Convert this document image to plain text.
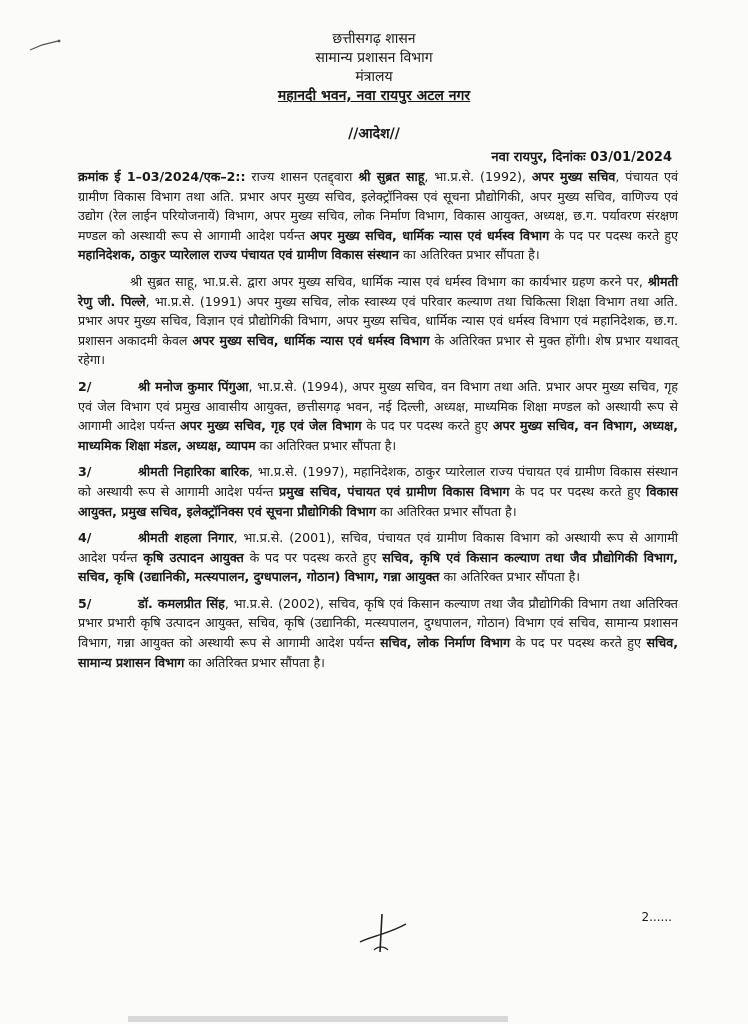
छत्तीसगढ़ शासन
सामान्य प्रशासन विभाग
मंत्रालय
महानदी भवन, नवा रायपुर अटल नगर
//आदेश//
नवा रायपुर, दिनांकः 03/01/2024

क्रमांक ई 1–03/2024/एक–2:: राज्य शासन एतद्द्वारा श्री सुब्रत साहू, भा.प्र.से. (1992), अपर मुख्य सचिव, पंचायत एवं ग्रामीण विकास विभाग तथा अति. प्रभार अपर मुख्य सचिव, इलेक्ट्रॉनिक्स एवं सूचना प्रौद्योगिकी, अपर मुख्य सचिव, वाणिज्य एवं उद्योग (रेल लाईन परियोजनायें) विभाग, अपर मुख्य सचिव, लोक निर्माण विभाग, विकास आयुक्त, अध्यक्ष, छ.ग. पर्यावरण संरक्षण मण्डल को अस्थायी रूप से आगामी आदेश पर्यन्त अपर मुख्य सचिव, धार्मिक न्यास एवं धर्मस्व विभाग के पद पर पदस्थ करते हुए महानिदेशक, ठाकुर प्यारेलाल राज्य पंचायत एवं ग्रामीण विकास संस्थान का अतिरिक्त प्रभार सौंपता है।

श्री सुब्रत साहू, भा.प्र.से. द्वारा अपर मुख्य सचिव, धार्मिक न्यास एवं धर्मस्व विभाग का कार्यभार ग्रहण करने पर, श्रीमती रेणु जी. पिल्ले, भा.प्र.से. (1991) अपर मुख्य सचिव, लोक स्वास्थ्य एवं परिवार कल्याण तथा चिकित्सा शिक्षा विभाग तथा अति. प्रभार अपर मुख्य सचिव, विज्ञान एवं प्रौद्योगिकी विभाग, अपर मुख्य सचिव, धार्मिक न्यास एवं धर्मस्व विभाग एवं महानिदेशक, छ.ग. प्रशासन अकादमी केवल अपर मुख्य सचिव, धार्मिक न्यास एवं धर्मस्व विभाग के अतिरिक्त प्रभार से मुक्त होंगी। शेष प्रभार यथावत् रहेगा।

2/	श्री मनोज कुमार पिंगुआ, भा.प्र.से. (1994), अपर मुख्य सचिव, वन विभाग तथा अति. प्रभार अपर मुख्य सचिव, गृह एवं जेल विभाग एवं प्रमुख आवासीय आयुक्त, छत्तीसगढ़ भवन, नई दिल्ली, अध्यक्ष, माध्यमिक शिक्षा मण्डल को अस्थायी रूप से आगामी आदेश पर्यन्त अपर मुख्य सचिव, गृह एवं जेल विभाग के पद पर पदस्थ करते हुए अपर मुख्य सचिव, वन विभाग, अध्यक्ष, माध्यमिक शिक्षा मंडल, अध्यक्ष, व्यापम का अतिरिक्त प्रभार सौंपता है।

3/	श्रीमती निहारिका बारिक, भा.प्र.से. (1997), महानिदेशक, ठाकुर प्यारेलाल राज्य पंचायत एवं ग्रामीण विकास संस्थान को अस्थायी रूप से आगामी आदेश पर्यन्त प्रमुख सचिव, पंचायत एवं ग्रामीण विकास विभाग के पद पर पदस्थ करते हुए विकास आयुक्त, प्रमुख सचिव, इलेक्ट्रॉनिक्स एवं सूचना प्रौद्योगिकी विभाग का अतिरिक्त प्रभार सौंपता है।

4/	श्रीमती शहला निगार, भा.प्र.से. (2001), सचिव, पंचायत एवं ग्रामीण विकास विभाग को अस्थायी रूप से आगामी आदेश पर्यन्त कृषि उत्पादन आयुक्त के पद पर पदस्थ करते हुए सचिव, कृषि एवं किसान कल्याण तथा जैव प्रौद्योगिकी विभाग, सचिव, कृषि (उद्यानिकी, मत्स्यपालन, दुग्धपालन, गोठान) विभाग, गन्ना आयुक्त का अतिरिक्त प्रभार सौंपता है।

5/	डॉ. कमलप्रीत सिंह, भा.प्र.से. (2002), सचिव, कृषि एवं किसान कल्याण तथा जैव प्रौद्योगिकी विभाग तथा अतिरिक्त प्रभार प्रभारी कृषि उत्पादन आयुक्त, सचिव, कृषि (उद्यानिकी, मत्स्यपालन, दुग्धपालन, गोठान) विभाग एवं सचिव, सामान्य प्रशासन विभाग, गन्ना आयुक्त को अस्थायी रूप से आगामी आदेश पर्यन्त सचिव, लोक निर्माण विभाग के पद पर पदस्थ करते हुए सचिव, सामान्य प्रशासन विभाग का अतिरिक्त प्रभार सौंपता है।

2......
